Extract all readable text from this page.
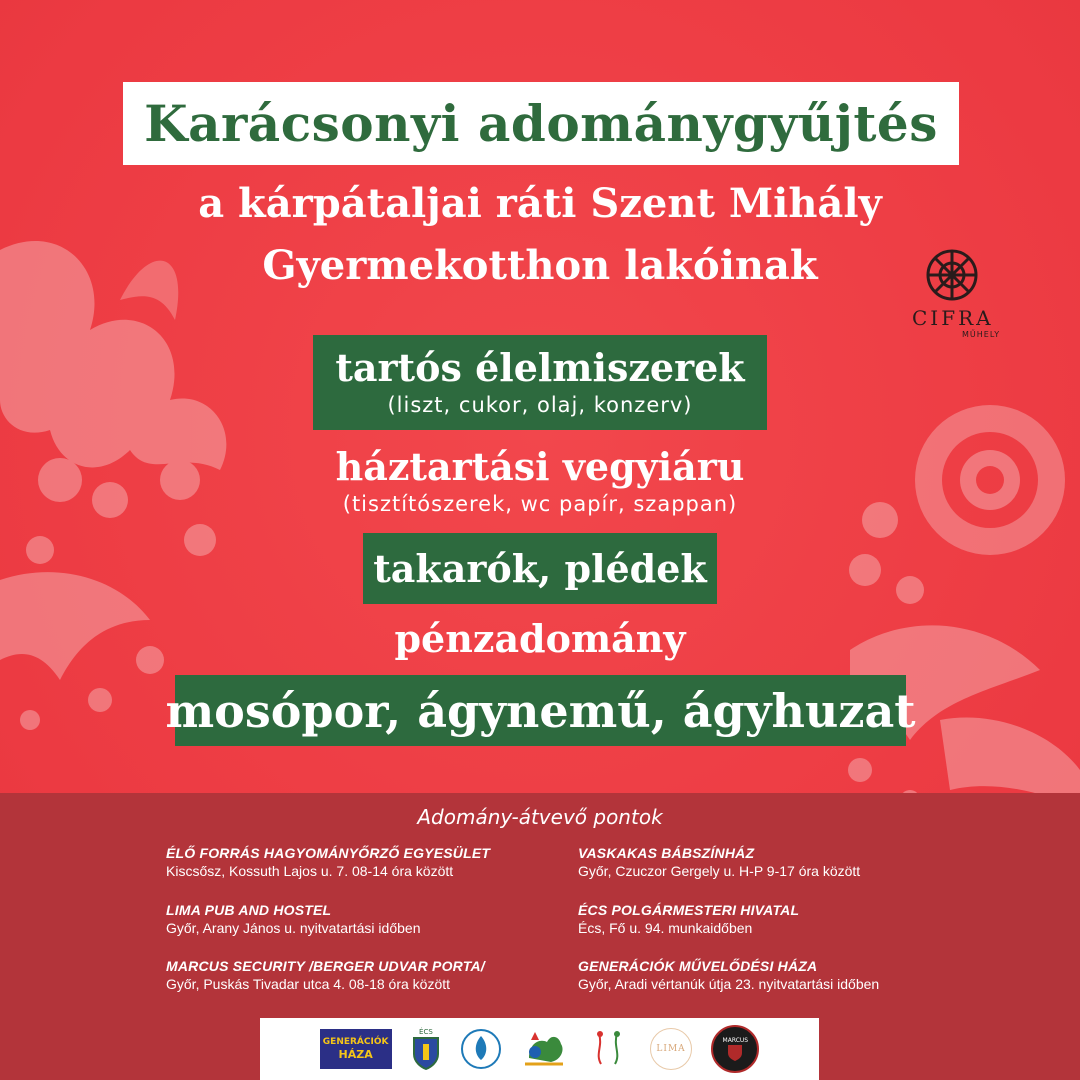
Karácsonyi adománygyűjtés
a kárpátaljai ráti Szent Mihály
Gyermekotthon lakóinak
CIFRA
MŰHELY
tartós élelmiszerek
(liszt, cukor, olaj, konzerv)
háztartási vegyiáru
(tisztítószerek, wc papír, szappan)
takarók, plédek
pénzadomány
mosópor, ágynemű, ágyhuzat
Adomány-átvevő pontok
ÉLŐ FORRÁS HAGYOMÁNYŐRZŐ EGYESÜLET
Kiscsősz, Kossuth Lajos u. 7. 08-14 óra között
VASKAKAS BÁBSZÍNHÁZ
Győr, Czuczor Gergely u. H-P 9-17 óra között
LIMA PUB AND HOSTEL
Győr, Arany János u. nyitvatartási időben
ÉCS POLGÁRMESTERI HIVATAL
Écs, Fő u. 94. munkaidőben
MARCUS SECURITY /BERGER UDVAR PORTA/
Győr, Puskás Tivadar utca 4. 08-18 óra között
GENERÁCIÓK MŰVELŐDÉSI HÁZA
Győr, Aradi vértanúk útja 23. nyitvatartási időben
GENERÁCIÓK
HÁZA
ÉCS
LIMA
MARCUS
